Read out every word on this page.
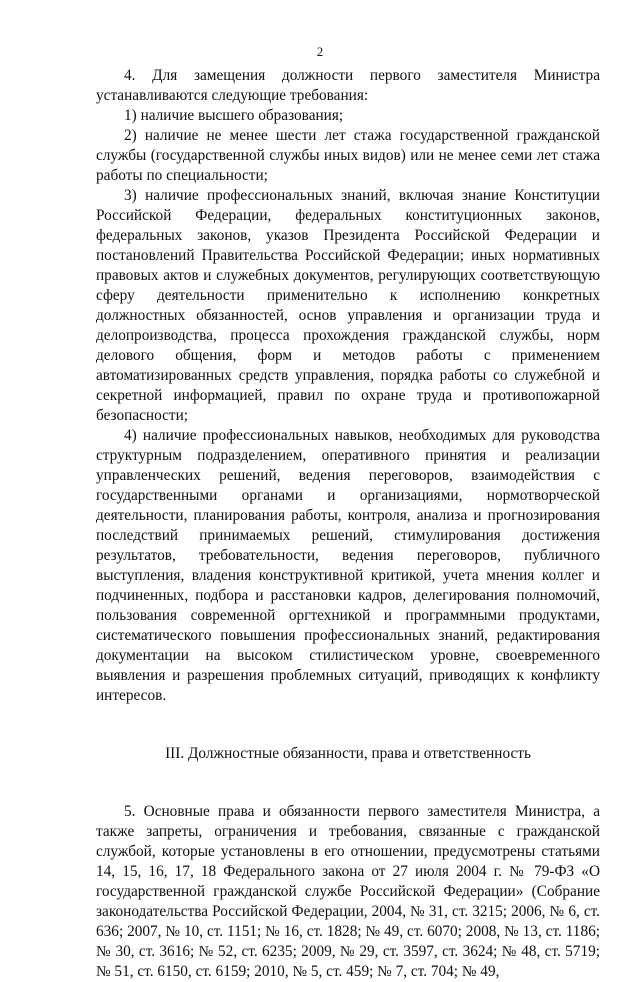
2

4. Для замещения должности первого заместителя Министра устанавливаются следующие требования:

1) наличие высшего образования;

2) наличие не менее шести лет стажа государственной гражданской службы (государственной службы иных видов) или не менее семи лет стажа работы по специальности;

3) наличие профессиональных знаний, включая знание Конституции Российской Федерации, федеральных конституционных законов, федеральных законов, указов Президента Российской Федерации и постановлений Правительства Российской Федерации; иных нормативных правовых актов и служебных документов, регулирующих соответствующую сферу деятельности применительно к исполнению конкретных должностных обязанностей, основ управления и организации труда и делопроизводства, процесса прохождения гражданской службы, норм делового общения, форм и методов работы с применением автоматизированных средств управления, порядка работы со служебной и секретной информацией, правил по охране труда и противопожарной безопасности;

4) наличие профессиональных навыков, необходимых для руководства структурным подразделением, оперативного принятия и реализации управленческих решений, ведения переговоров, взаимодействия с государственными органами и организациями, нормотворческой деятельности, планирования работы, контроля, анализа и прогнозирования последствий принимаемых решений, стимулирования достижения результатов, требовательности, ведения переговоров, публичного выступления, владения конструктивной критикой, учета мнения коллег и подчиненных, подбора и расстановки кадров, делегирования полномочий, пользования современной оргтехникой и программными продуктами, систематического повышения профессиональных знаний, редактирования документации на высоком стилистическом уровне, своевременного выявления и разрешения проблемных ситуаций, приводящих к конфликту интересов.

III. Должностные обязанности, права и ответственность

5. Основные права и обязанности первого заместителя Министра, а также запреты, ограничения и требования, связанные с гражданской службой, которые установлены в его отношении, предусмотрены статьями 14, 15, 16, 17, 18 Федерального закона от 27 июля 2004 г. № 79-ФЗ «О государственной гражданской службе Российской Федерации» (Собрание законодательства Российской Федерации, 2004, № 31, ст. 3215; 2006, № 6, ст. 636; 2007, № 10, ст. 1151; № 16, ст. 1828; № 49, ст. 6070; 2008, № 13, ст. 1186; № 30, ст. 3616; № 52, ст. 6235; 2009, № 29, ст. 3597, ст. 3624; № 48, ст. 5719; № 51, ст. 6150, ст. 6159; 2010, № 5, ст. 459; № 7, ст. 704; № 49,
